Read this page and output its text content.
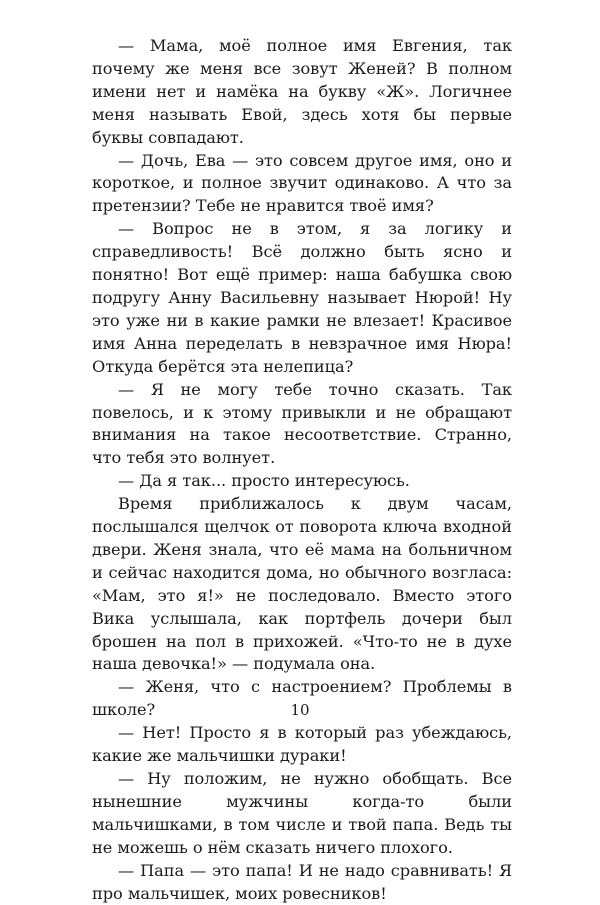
— Мама, моё полное имя Евгения, так почему же меня все зовут Женей? В полном имени нет и намёка на букву «Ж». Логичнее меня называть Евой, здесь хотя бы первые буквы совпадают.

— Дочь, Ева — это совсем другое имя, оно и короткое, и полное звучит одинаково. А что за претензии? Тебе не нравится твоё имя?

— Вопрос не в этом, я за логику и справедливость! Всё должно быть ясно и понятно! Вот ещё пример: наша бабушка свою подругу Анну Васильевну называет Нюрой! Ну это уже ни в какие рамки не влезает! Красивое имя Анна переделать в невзрачное имя Нюра! Откуда берётся эта нелепица?

— Я не могу тебе точно сказать. Так повелось, и к этому привыкли и не обращают внимания на такое несоответствие. Странно, что тебя это волнует.

— Да я так... просто интересуюсь.

Время приближалось к двум часам, послышался щелчок от поворота ключа входной двери. Женя знала, что её мама на больничном и сейчас находится дома, но обычного возгласа: «Мам, это я!» не последовало. Вместо этого Вика услышала, как портфель дочери был брошен на пол в прихожей. «Что-то не в духе наша девочка!» — подумала она.

— Женя, что с настроением? Проблемы в школе?

— Нет! Просто я в который раз убеждаюсь, какие же мальчишки дураки!

— Ну положим, не нужно обобщать. Все нынешние мужчины когда-то были мальчишками, в том числе и твой папа. Ведь ты не можешь о нём сказать ничего плохого.

— Папа — это папа! И не надо сравнивать! Я про мальчишек, моих ровесников!

10
